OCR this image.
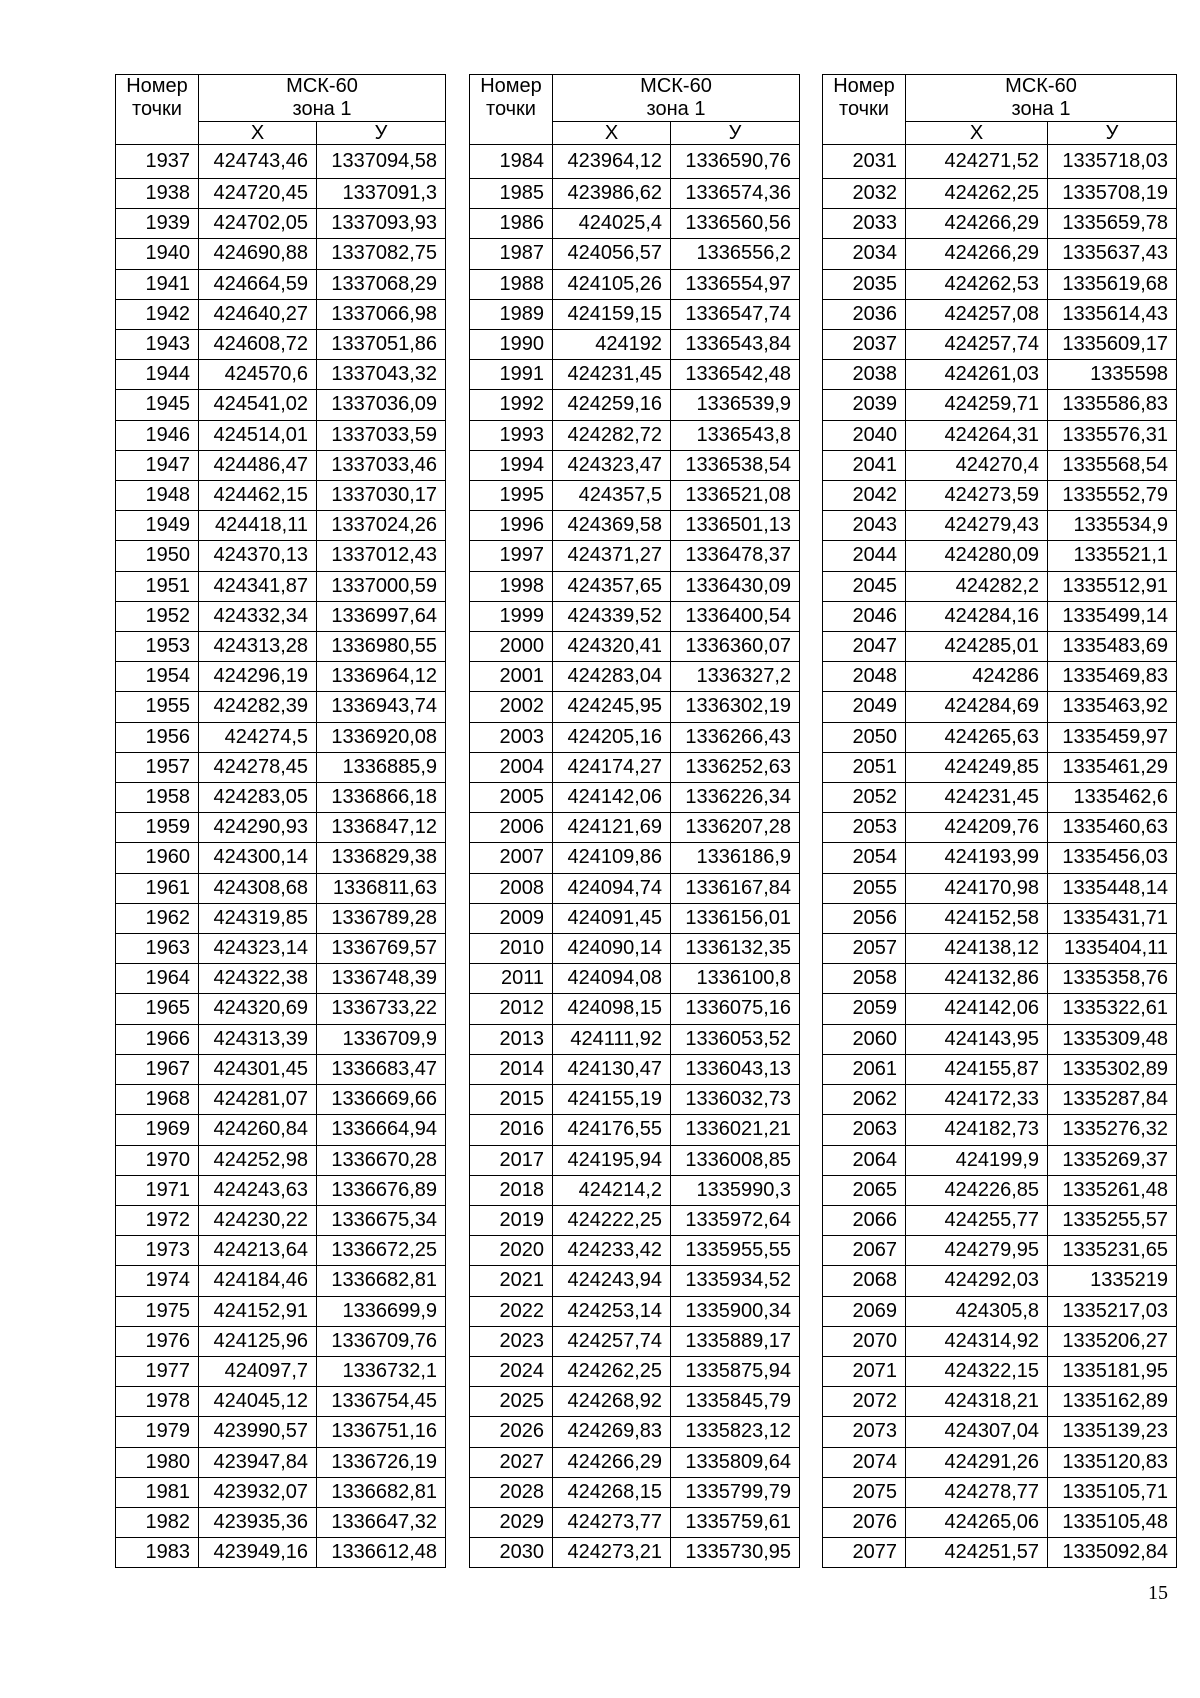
Номер точки	МСК-60
зона 1	
	Х	У
1937	424743,46	1337094,58
1938	424720,45	1337091,3
1939	424702,05	1337093,93
1940	424690,88	1337082,75
1941	424664,59	1337068,29
1942	424640,27	1337066,98
1943	424608,72	1337051,86
1944	424570,6	1337043,32
1945	424541,02	1337036,09
1946	424514,01	1337033,59
1947	424486,47	1337033,46
1948	424462,15	1337030,17
1949	424418,11	1337024,26
1950	424370,13	1337012,43
1951	424341,87	1337000,59
1952	424332,34	1336997,64
1953	424313,28	1336980,55
1954	424296,19	1336964,12
1955	424282,39	1336943,74
1956	424274,5	1336920,08
1957	424278,45	1336885,9
1958	424283,05	1336866,18
1959	424290,93	1336847,12
1960	424300,14	1336829,38
1961	424308,68	1336811,63
1962	424319,85	1336789,28
1963	424323,14	1336769,57
1964	424322,38	1336748,39
1965	424320,69	1336733,22
1966	424313,39	1336709,9
1967	424301,45	1336683,47
1968	424281,07	1336669,66
1969	424260,84	1336664,94
1970	424252,98	1336670,28
1971	424243,63	1336676,89
1972	424230,22	1336675,34
1973	424213,64	1336672,25
1974	424184,46	1336682,81
1975	424152,91	1336699,9
1976	424125,96	1336709,76
1977	424097,7	1336732,1
1978	424045,12	1336754,45
1979	423990,57	1336751,16
1980	423947,84	1336726,19
1981	423932,07	1336682,81
1982	423935,36	1336647,32
1983	423949,16	1336612,48
Номер точки	МСК-60
зона 1	
	Х	У
1984	423964,12	1336590,76
1985	423986,62	1336574,36
1986	424025,4	1336560,56
1987	424056,57	1336556,2
1988	424105,26	1336554,97
1989	424159,15	1336547,74
1990	424192	1336543,84
1991	424231,45	1336542,48
1992	424259,16	1336539,9
1993	424282,72	1336543,8
1994	424323,47	1336538,54
1995	424357,5	1336521,08
1996	424369,58	1336501,13
1997	424371,27	1336478,37
1998	424357,65	1336430,09
1999	424339,52	1336400,54
2000	424320,41	1336360,07
2001	424283,04	1336327,2
2002	424245,95	1336302,19
2003	424205,16	1336266,43
2004	424174,27	1336252,63
2005	424142,06	1336226,34
2006	424121,69	1336207,28
2007	424109,86	1336186,9
2008	424094,74	1336167,84
2009	424091,45	1336156,01
2010	424090,14	1336132,35
2011	424094,08	1336100,8
2012	424098,15	1336075,16
2013	424111,92	1336053,52
2014	424130,47	1336043,13
2015	424155,19	1336032,73
2016	424176,55	1336021,21
2017	424195,94	1336008,85
2018	424214,2	1335990,3
2019	424222,25	1335972,64
2020	424233,42	1335955,55
2021	424243,94	1335934,52
2022	424253,14	1335900,34
2023	424257,74	1335889,17
2024	424262,25	1335875,94
2025	424268,92	1335845,79
2026	424269,83	1335823,12
2027	424266,29	1335809,64
2028	424268,15	1335799,79
2029	424273,77	1335759,61
2030	424273,21	1335730,95
Номер точки	МСК-60
зона 1	
	Х	У
2031	424271,52	1335718,03
2032	424262,25	1335708,19
2033	424266,29	1335659,78
2034	424266,29	1335637,43
2035	424262,53	1335619,68
2036	424257,08	1335614,43
2037	424257,74	1335609,17
2038	424261,03	1335598
2039	424259,71	1335586,83
2040	424264,31	1335576,31
2041	424270,4	1335568,54
2042	424273,59	1335552,79
2043	424279,43	1335534,9
2044	424280,09	1335521,1
2045	424282,2	1335512,91
2046	424284,16	1335499,14
2047	424285,01	1335483,69
2048	424286	1335469,83
2049	424284,69	1335463,92
2050	424265,63	1335459,97
2051	424249,85	1335461,29
2052	424231,45	1335462,6
2053	424209,76	1335460,63
2054	424193,99	1335456,03
2055	424170,98	1335448,14
2056	424152,58	1335431,71
2057	424138,12	1335404,11
2058	424132,86	1335358,76
2059	424142,06	1335322,61
2060	424143,95	1335309,48
2061	424155,87	1335302,89
2062	424172,33	1335287,84
2063	424182,73	1335276,32
2064	424199,9	1335269,37
2065	424226,85	1335261,48
2066	424255,77	1335255,57
2067	424279,95	1335231,65
2068	424292,03	1335219
2069	424305,8	1335217,03
2070	424314,92	1335206,27
2071	424322,15	1335181,95
2072	424318,21	1335162,89
2073	424307,04	1335139,23
2074	424291,26	1335120,83
2075	424278,77	1335105,71
2076	424265,06	1335105,48
2077	424251,57	1335092,84
15
